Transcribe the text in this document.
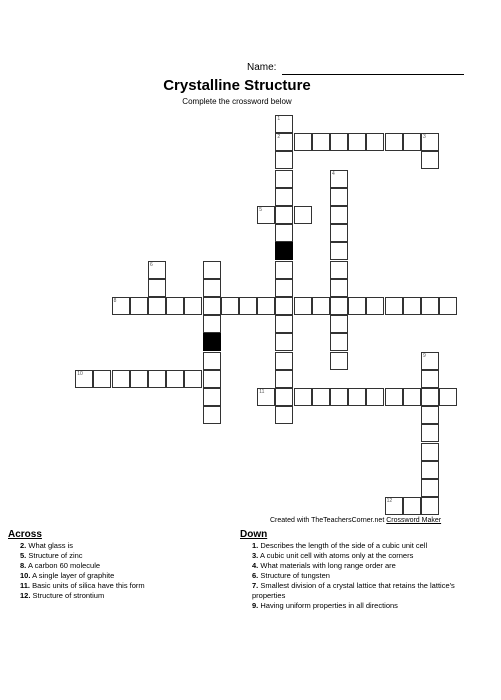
Name:
Crystalline Structure
Complete the crossword below
1
2	3
4
5
6
8
9
10
11
12
Created with TheTeachersCorner.net Crossword Maker
Across
2. What glass is
5. Structure of zinc
8. A carbon 60 molecule
10. A single layer of graphite
11. Basic units of silica have this form
12. Structure of strontium
Down
1. Describes the length of the side of a cubic unit cell
3. A cubic unit cell with atoms only at the corners
4. What materials with long range order are
6. Structure of tungsten
7. Smallest division of a crystal lattice that retains the lattice's properties
9. Having uniform properties in all directions
